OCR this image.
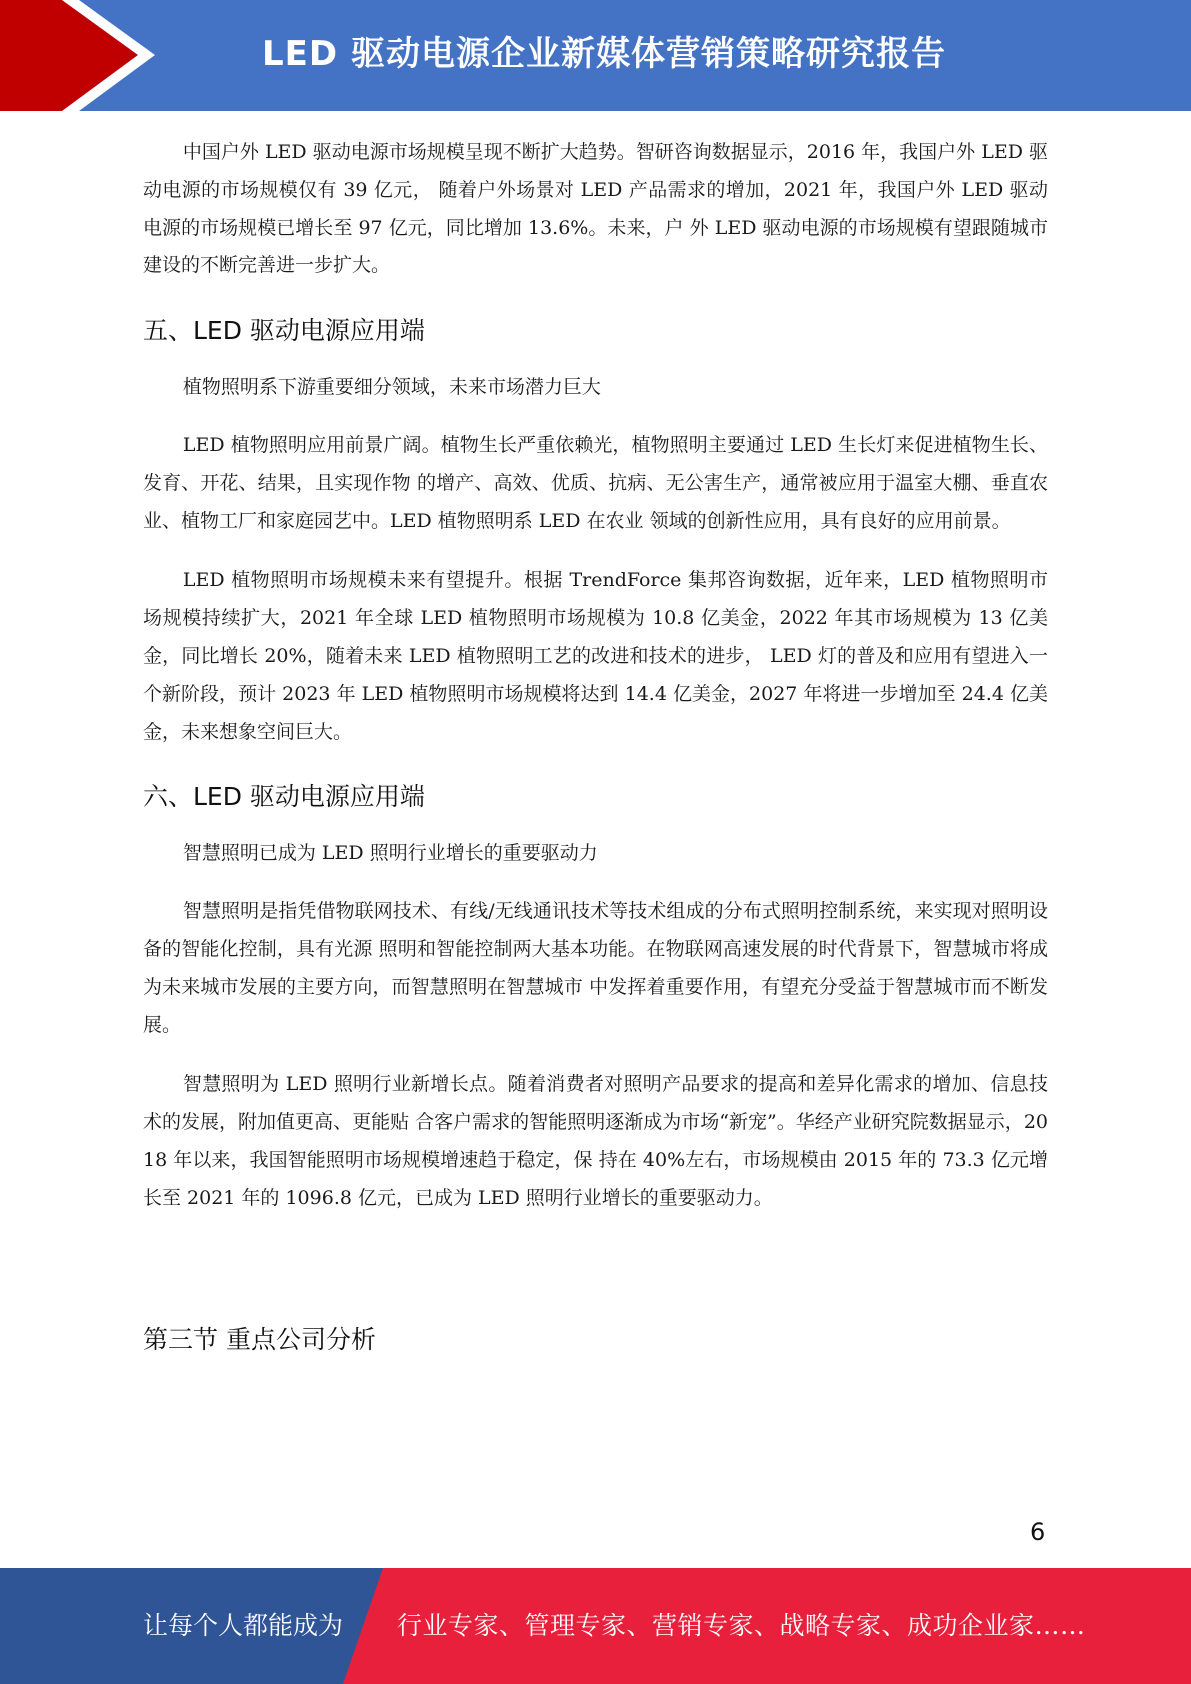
LED 驱动电源企业新媒体营销策略研究报告

中国户外 LED 驱动电源市场规模呈现不断扩大趋势。智研咨询数据显示，2016 年，我国户外 LED 驱动电源的市场规模仅有 39 亿元， 随着户外场景对 LED 产品需求的增加，2021 年，我国户外 LED 驱动电源的市场规模已增长至 97 亿元，同比增加 13.6%。未来，户 外 LED 驱动电源的市场规模有望跟随城市建设的不断完善进一步扩大。

五、LED 驱动电源应用端

植物照明系下游重要细分领域，未来市场潜力巨大

LED 植物照明应用前景广阔。植物生长严重依赖光，植物照明主要通过 LED 生长灯来促进植物生长、发育、开花、结果，且实现作物 的增产、高效、优质、抗病、无公害生产，通常被应用于温室大棚、垂直农业、植物工厂和家庭园艺中。LED 植物照明系 LED 在农业 领域的创新性应用，具有良好的应用前景。

LED 植物照明市场规模未来有望提升。根据 TrendForce 集邦咨询数据，近年来，LED 植物照明市场规模持续扩大，2021 年全球 LED 植物照明市场规模为 10.8 亿美金，2022 年其市场规模为 13 亿美金，同比增长 20%，随着未来 LED 植物照明工艺的改进和技术的进步， LED 灯的普及和应用有望进入一个新阶段，预计 2023 年 LED 植物照明市场规模将达到 14.4 亿美金，2027 年将进一步增加至 24.4 亿美 金，未来想象空间巨大。

六、LED 驱动电源应用端

智慧照明已成为 LED 照明行业增长的重要驱动力

智慧照明是指凭借物联网技术、有线/无线通讯技术等技术组成的分布式照明控制系统，来实现对照明设备的智能化控制，具有光源 照明和智能控制两大基本功能。在物联网高速发展的时代背景下，智慧城市将成为未来城市发展的主要方向，而智慧照明在智慧城市 中发挥着重要作用，有望充分受益于智慧城市而不断发展。

智慧照明为 LED 照明行业新增长点。随着消费者对照明产品要求的提高和差异化需求的增加、信息技术的发展，附加值更高、更能贴 合客户需求的智能照明逐渐成为市场“新宠”。华经产业研究院数据显示，2018 年以来，我国智能照明市场规模增速趋于稳定，保 持在 40%左右，市场规模由 2015 年的 73.3 亿元增长至 2021 年的 1096.8 亿元，已成为 LED 照明行业增长的重要驱动力。

第三节 重点公司分析
6
让每个人都能成为 行业专家、管理专家、营销专家、战略专家、成功企业家……
